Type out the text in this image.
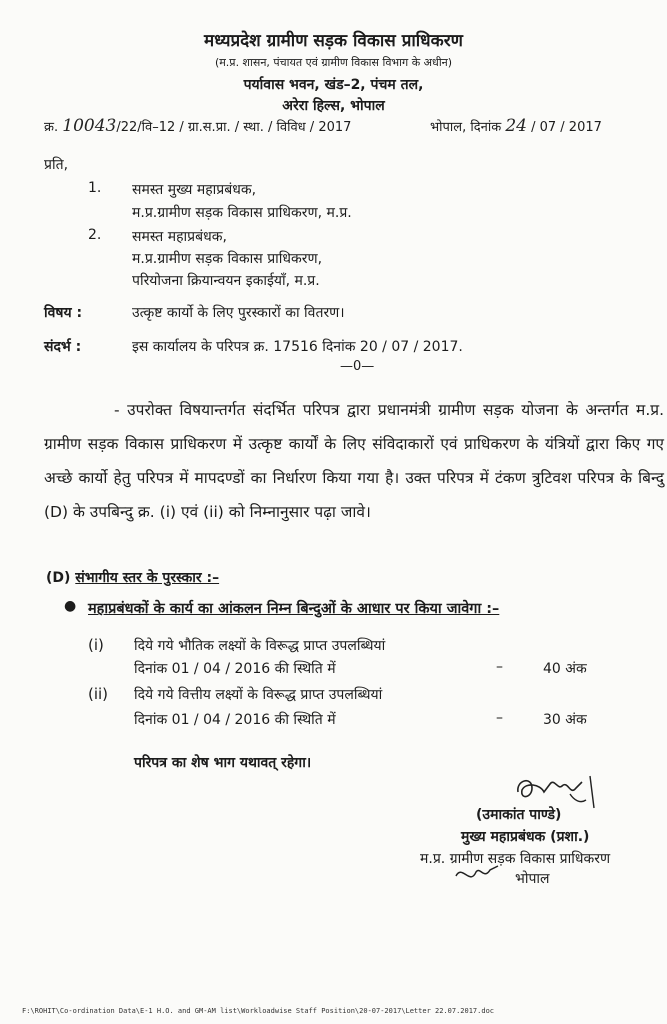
मध्यप्रदेश ग्रामीण सड़क विकास प्राधिकरण
(म.प्र. शासन, पंचायत एवं ग्रामीण विकास विभाग के अधीन)
पर्यावास भवन, खंड–2, पंचम तल,
अरेरा हिल्स, भोपाल
क्र. 10043/22/वि–12 / ग्रा.स.प्रा. / स्था. / विविध / 2017	भोपाल, दिनांक 24 / 07 / 2017
प्रति,
1. समस्त मुख्य महाप्रबंधक,
म.प्र.ग्रामीण सड़क विकास प्राधिकरण, म.प्र.
2. समस्त महाप्रबंधक,
म.प्र.ग्रामीण सड़क विकास प्राधिकरण,
परियोजना क्रियान्वयन इकाईयॉं, म.प्र.
विषय :	उत्कृष्ट कार्यो के लिए पुरस्कारों का वितरण।
संदर्भ :	इस कार्यालय के परिपत्र क्र. 17516 दिनांक 20 / 07 / 2017.
—0—

- उपरोक्त विषयान्तर्गत संदर्भित परिपत्र द्वारा प्रधानमंत्री ग्रामीण सड़क योजना के अन्तर्गत म.प्र. ग्रामीण सड़क विकास प्राधिकरण में उत्कृष्ट कार्यों के लिए संविदाकारों एवं प्राधिकरण के यंत्रियों द्वारा किए गए अच्छे कार्यो हेतु परिपत्र में मापदण्डों का निर्धारण किया गया है। उक्त परिपत्र में टंकण त्रुटिवश परिपत्र के बिन्दु (D) के उपबिन्दु क्र. (i) एवं (ii) को निम्नानुसार पढ़ा जावे।

(D) संभागीय स्तर के पुरस्कार :–
● महाप्रबंधकों के कार्य का आंकलन निम्न बिन्दुओं के आधार पर किया जावेगा :–
(i) दिये गये भौतिक लक्ष्यों के विरूद्ध प्राप्त उपलब्धियां
दिनांक 01 / 04 / 2016 की स्थिति में	–	40 अंक
(ii) दिये गये वित्तीय लक्ष्यों के विरूद्ध प्राप्त उपलब्धियां
दिनांक 01 / 04 / 2016 की स्थिति में	–	30 अंक
परिपत्र का शेष भाग यथावत् रहेगा।
(उमाकांत पाण्डे)
मुख्य महाप्रबंधक (प्रशा.)
म.प्र. ग्रामीण सड़क विकास प्राधिकरण
भोपाल
F:\ROHIT\Co-ordination Data\E-1 H.O. and GM-AM list\Workloadwise Staff Position\20-07-2017\Letter 22.07.2017.doc
